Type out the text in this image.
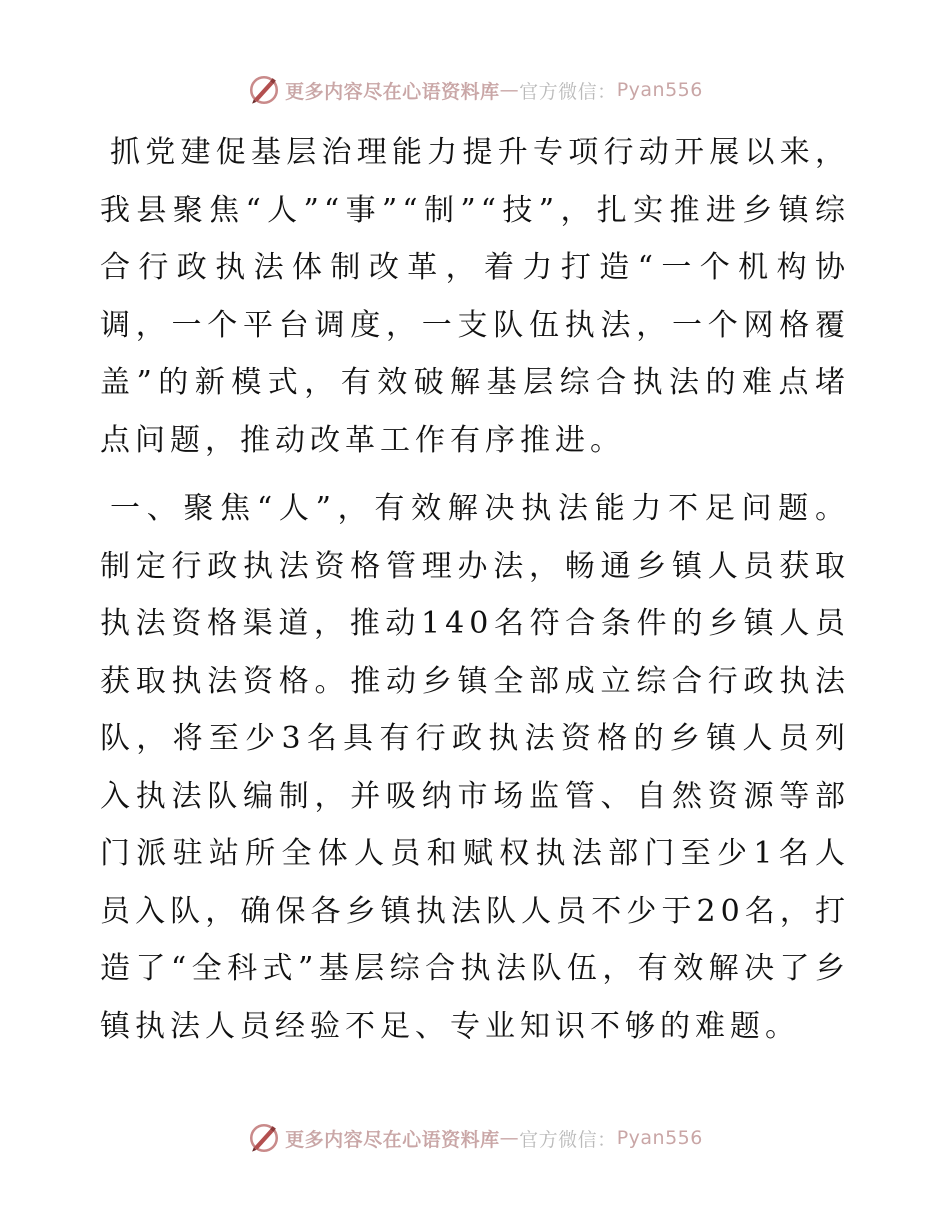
更多内容尽在心语资料库 — 官方微信 ： Pyan556

抓党建促基层治理能力提升专项行动开展以来，我县聚焦“人”“事”“制”“技”，扎实推进乡镇综合行政执法体制改革，着力打造“一个机构协调，一个平台调度，一支队伍执法，一个网格覆盖”的新模式，有效破解基层综合执法的难点堵点问题，推动改革工作有序推进。

一、聚焦“人”，有效解决执法能力不足问题。制定行政执法资格管理办法，畅通乡镇人员获取执法资格渠道，推动140名符合条件的乡镇人员获取执法资格。推动乡镇全部成立综合行政执法队，将至少3名具有行政执法资格的乡镇人员列入执法队编制，并吸纳市场监管、自然资源等部门派驻站所全体人员和赋权执法部门至少1名人员入队，确保各乡镇执法队人员不少于20名，打造了“全科式”基层综合执法队伍，有效解决了乡镇执法人员经验不足、专业知识不够的难题。

更多内容尽在心语资料库 — 官方微信 ： Pyan556
